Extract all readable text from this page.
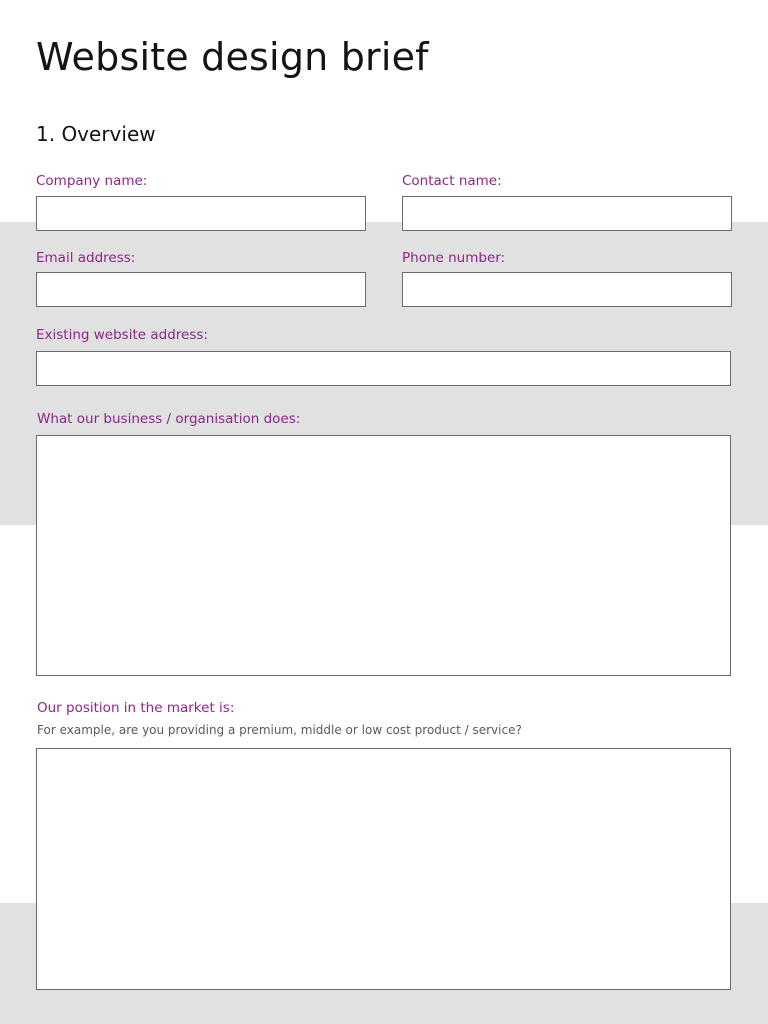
Website design brief
1. Overview
Company name:	Contact name:
Email address:	Phone number:
Existing website address:
What our business / organisation does:
Our position in the market is:
For example, are you providing a premium, middle or low cost product / service?
